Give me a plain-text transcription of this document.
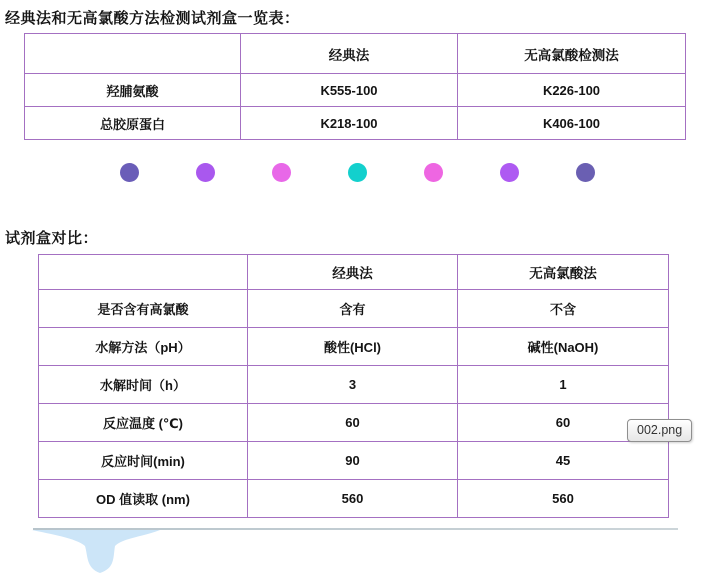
经典法和无高氯酸方法检测试剂盒一览表：
	经典法	无高氯酸检测法
羟脯氨酸	K555-100	K226-100
总胶原蛋白	K218-100	K406-100
试剂盒对比：
	经典法	无高氯酸法
是否含有高氯酸	含有	不含
水解方法（pH）	酸性(HCl)	碱性(NaOH)
水解时间（h）	3	1
反应温度 (℃)	60	60
反应时间(min)	90	45
OD 值读取 (nm)	560	560
002.png
